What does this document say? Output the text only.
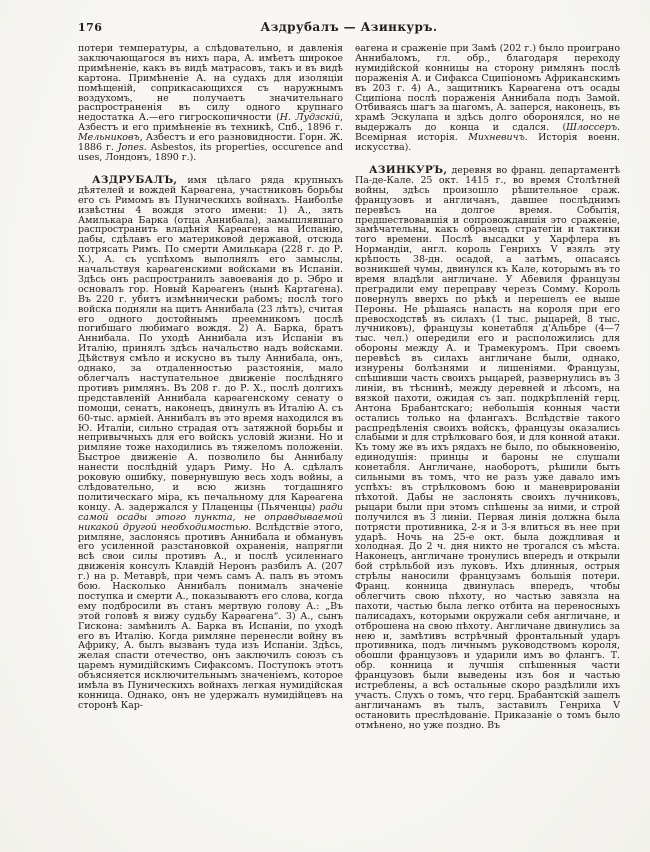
176	Аздрубалъ — Азинкуръ.

потери температуры, а слѣдовательно, и давленія заключающагося въ нихъ пара, А. имѣетъ широкое примѣненіе, какъ въ видѣ матрасовъ, такъ и въ видѣ картона. Примѣненіе А. на судахъ для изоляціи помѣщеній, соприкасающихся съ наружнымъ воздухомъ, не получаетъ значительнаго распространенія въ силу одного крупнаго недостатка А.—его гигроскопичности (Н. Лудзскій, Азбестъ и его примѣненіе въ техникѣ, Спб., 1896 г. Мельниковъ, Азбестъ и его разновидности. Горн. Ж. 1886 г. Jones. Asbestos, its properties, occurence and uses, Лондонъ, 1890 г.).

АЗДРУБАЛЪ, имя цѣлаго ряда крупныхъ дѣятелей и вождей Карѳагена, участниковъ борьбы его съ Римомъ въ Пуническихъ войнахъ. Наиболѣе извѣстны 4 вождя этого имени: 1) А., зять Амилькара Барка (отца Аннибала), замышлявшаго распространить владѣнія Карѳагена на Испанію, дабы, сдѣлавъ его материковой державой, отсюда потрясать Римъ. По смерти Амилькара (228 г. до Р. Х.), А. съ успѣхомъ выполнялъ его замыслы, начальствуя карѳагенскими войсками въ Испаніи. Здѣсь онъ распространилъ завоеванія до р. Эбро и основалъ гор. Новый Карѳагенъ (нынѣ Картагена). Въ 220 г. убитъ измѣннически рабомъ; послѣ того войска подняли на щитъ Аннибала (23 лѣтъ), считая его одного достойнымъ преемникомъ послѣ погибшаго любимаго вождя. 2) А. Барка, братъ Аннибала. По уходѣ Аннибала изъ Испаніи въ Италію, принялъ здѣсь начальство надъ войсками. Дѣйствуя смѣло и искусно въ тылу Аннибала, онъ, однако, за отдаленностью разстоянія, мало облегчалъ наступательное движеніе послѣдняго противъ римлянъ. Въ 208 г. до Р. Х., послѣ долгихъ представленій Аннибала карѳагенскому сенату о помощи, сенатъ, наконецъ, двинулъ въ Италію А. съ 60-тыс. арміей. Аннибалъ въ это время находился въ Ю. Италіи, сильно страдая отъ затяжной борьбы и непривычныхъ для его войскъ условій жизни. Но и римляне тоже находились въ тяжеломъ положеніи. Быстрое движеніе А. позволило бы Аннибалу нанести послѣдній ударъ Риму. Но А. сдѣлалъ роковую ошибку, повернувшую весь ходъ войны, а слѣдовательно, и всю жизнь тогдашняго политическаго міра, къ печальному для Карѳагена концу. А. задержался у Плаценцы (Пьяченцы) ради самой осады этого пункта, не оправдываемой никакой другой необходимостью. Вслѣдствіе этого, римляне, заслонясь противъ Аннибала и обманувъ его усиленной разстановкой охраненія, напрягли всѣ свои силы противъ А., и послѣ усиленнаго движенія консулъ Клавдій Неронъ разбилъ А. (207 г.) на р. Метаврѣ, при чемъ самъ А. палъ въ этомъ бою. Насколько Аннибалъ понималъ значеніе поступка и смерти А., показываютъ его слова, когда ему подбросили въ станъ мертвую голову А.: „Въ этой головѣ я вижу судьбу Карѳагена“. 3) А., сынъ Гискона: замѣнилъ А. Барка въ Испаніи, по уходѣ его въ Италію. Когда римляне перенесли войну въ Африку, А. былъ вызванъ туда изъ Испаніи. Здѣсь, желая спасти отечество, онъ заключилъ союзъ съ царемъ нумидійскимъ Сифаксомъ. Поступокъ этотъ объясняется исключительнымъ значеніемъ, которое имѣла въ Пуническихъ войнахъ легкая нумидійская конница. Однако, онъ не удержалъ нумидійцевъ на сторонѣ Кар-

ѳагена и сраженіе при Замѣ (202 г.) было проиграно Аннибаломъ, гл. обр., благодаря переходу нумидійской конницы на сторону римлянъ послѣ пораженія А. и Сифакса Сципіономъ Африканскимъ въ 203 г. 4) А., защитникъ Карѳагена отъ осады Сципіона послѣ пораженія Аннибала подъ Замой. Отбиваясь шагъ за шагомъ, А. заперся, наконецъ, въ храмѣ Эскулапа и здѣсь долго оборонялся, но не выдержалъ до конца и сдался. (Шлоссеръ. Всемірная исторія. Михневичъ. Исторія военн. искусства).

АЗИНКУРЪ, деревня во франц. департаментѣ Па-де-Кале. 25 окт. 1415 г., во время Столѣтней войны, здѣсь произошло рѣшительное сраж. французовъ и англичанъ, давшее послѣднимъ перевѣсъ на долгое время. Событія, предшествовавшія и сопровождавшія это сраженіе, замѣчательны, какъ образецъ стратегіи и тактики того времени. Послѣ высадки у Харфлера въ Нормандіи, англ. король Генрихъ V взялъ эту крѣпость 38-дн. осадой, а затѣмъ, опасаясь возникшей чумы, двинулся къ Кале, которымъ въ то время владѣли англичане. У Абевиля французы преградили ему переправу черезъ Сомму. Король повернулъ вверхъ по рѣкѣ и перешелъ ее выше Пероны. Не рѣшаясь напасть на короля при его превосходствѣ въ силахъ (1 тыс. рыцарей, 8 тыс. лучниковъ), французы конетабля д'Альбре (4—7 тыс. чел.) опередили его и расположились для обороны между А. и Трамекуромъ. При своемъ перевѣсѣ въ силахъ англичане были, однако, изнурены болѣзнями и лишеніями. Французы, спѣшивши часть своихъ рыцарей, развернулись въ 3 линіи, въ тѣснинѣ, между деревней и лѣсомъ, на вязкой пахоти, ожидая съ зап. подкрѣпленій герц. Антона Брабантскаго; небольшія конныя части остались только на флангахъ. Вслѣдствіе такого распредѣленія своихъ войскъ, французы оказались слабыми и для стрѣлковаго боя, и для конной атаки. Къ тому же въ ихъ рядахъ не было, по обыкновенію, единодушія: принцы и бароны не слушали конетабля. Англичане, наоборотъ, рѣшили быть сильными въ томъ, что не разъ уже давало имъ успѣхъ: въ стрѣлковомъ бою и маневрированіи пѣхотой. Дабы не заслонять своихъ лучниковъ, рыцари были при этомъ спѣшены за ними, и строй получился въ 3 линіи. Первая линія должна была потрясти противника, 2-я и 3-я влиться въ нее при ударѣ. Ночь на 25-е окт. была дождливая и холодная. До 2 ч. дня никто не трогался съ мѣста. Наконецъ, англичане тронулись впередъ и открыли бой стрѣльбой изъ луковъ. Ихъ длинныя, острыя стрѣлы наносили французамъ большія потери. Франц. конница двинулась впередъ, чтобы облегчить свою пѣхоту, но частью завязла на пахоти, частью была легко отбита на переносныхъ палисадахъ, которыми окружали себя англичане, и отброшена на свою пѣхоту. Англичане двинулись за нею и, замѣтивъ встрѣчный фронтальный ударъ противника, подъ личнымъ руководствомъ короля, обошли французовъ и ударили имъ во флангъ. Т. обр. конница и лучшія спѣшенныя части французовъ были выведены изъ боя и частью истреблены, а всѣ остальные скоро раздѣлили ихъ участь. Слухъ о томъ, что герц. Брабантскій зашелъ англичанамъ въ тылъ, заставилъ Генриха V остановить преслѣдованіе. Приказаніе о томъ было отмѣнено, но уже поздно. Въ
